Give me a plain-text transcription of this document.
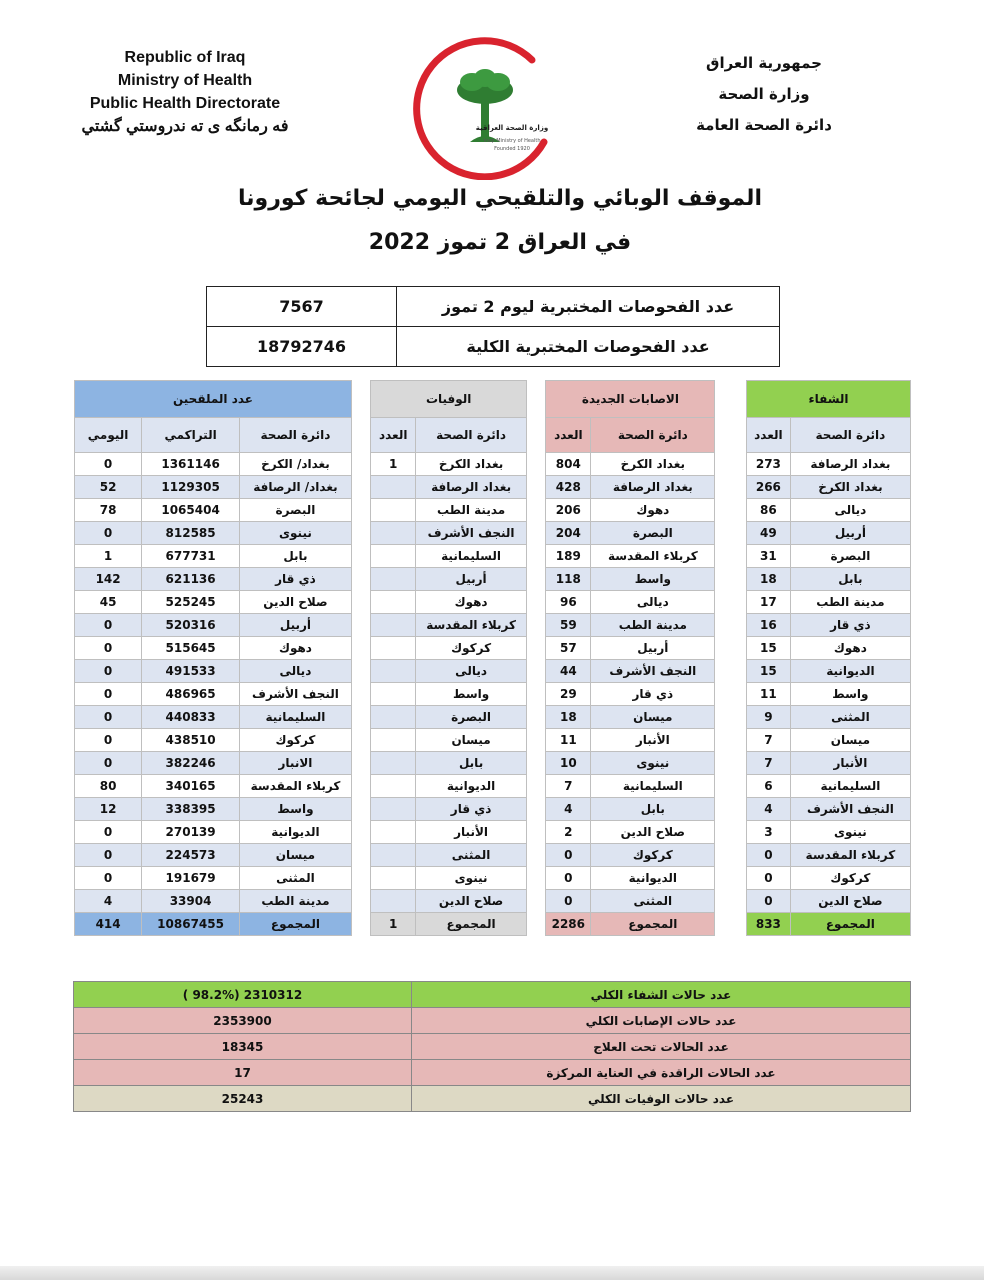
Republic of Iraq
Ministry of Health
Public Health Directorate
فه رمانگه ى ته ندروستي گشتي
جمهورية العراق
وزارة الصحة
دائرة الصحة العامة
وزارة الصحة العراقية
Iraqi Ministry of Health
Founded 1920
الموقف الوبائي والتلقيحي اليومي لجائحة كورونا
في العراق 2 تموز 2022
7567	عدد الفحوصات المختبرية ليوم 2 تموز
18792746	عدد الفحوصات المختبرية الكلية
عدد الملقحين				الوفيات			الاصابات الجديدة			الشفاء	
اليومي	التراكمي	دائرة الصحة		العدد	دائرة الصحة		العدد	دائرة الصحة		العدد	دائرة الصحة
0	1361146	بغداد/ الكرخ		1	بغداد الكرخ		804	بغداد الكرخ		273	بغداد الرصافة
52	1129305	بغداد/ الرصافة			بغداد الرصافة		428	بغداد الرصافة		266	بغداد الكرخ
78	1065404	البصرة			مدينة الطب		206	دهوك		86	ديالى
0	812585	نينوى			النجف الأشرف		204	البصرة		49	أربيل
1	677731	بابل			السليمانية		189	كربلاء المقدسة		31	البصرة
142	621136	ذي قار			أربيل		118	واسط		18	بابل
45	525245	صلاح الدين			دهوك		96	ديالى		17	مدينة الطب
0	520316	أربيل			كربلاء المقدسة		59	مدينة الطب		16	ذي قار
0	515645	دهوك			كركوك		57	أربيل		15	دهوك
0	491533	ديالى			ديالى		44	النجف الأشرف		15	الديوانية
0	486965	النجف الأشرف			واسط		29	ذي قار		11	واسط
0	440833	السليمانية			البصرة		18	ميسان		9	المثنى
0	438510	كركوك			ميسان		11	الأنبار		7	ميسان
0	382246	الانبار			بابل		10	نينوى		7	الأنبار
80	340165	كربلاء المقدسة			الديوانية		7	السليمانية		6	السليمانية
12	338395	واسط			ذي قار		4	بابل		4	النجف الأشرف
0	270139	الديوانية			الأنبار		2	صلاح الدين		3	نينوى
0	224573	ميسان			المثنى		0	كركوك		0	كربلاء المقدسة
0	191679	المثنى			نينوى		0	الديوانية		0	كركوك
4	33904	مدينة الطب			صلاح الدين		0	المثنى		0	صلاح الدين
414	10867455	المجموع		1	المجموع		2286	المجموع		833	المجموع
( 98.2%) 2310312	عدد حالات الشفاء الكلي
2353900	عدد حالات الإصابات الكلي
18345	عدد الحالات تحت العلاج
17	عدد الحالات الراقدة في العناية المركزة
25243	عدد حالات الوفيات الكلي
